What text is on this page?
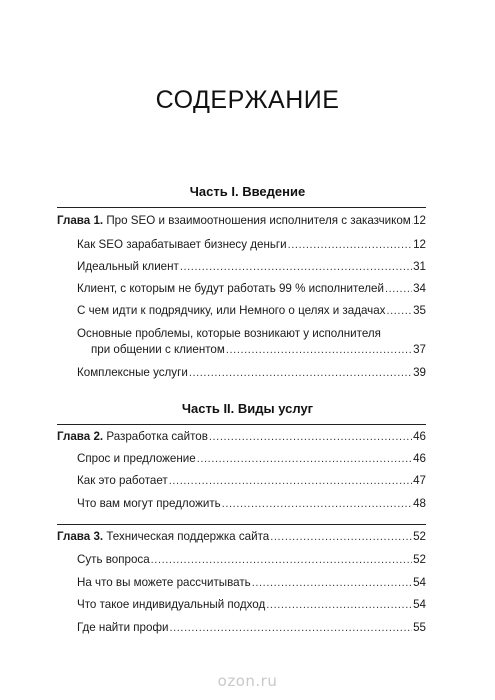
СОДЕРЖАНИЕ
Часть I. Введение
Глава 1. Про SEO и взаимоотношения исполнителя с заказчиком ..... 12
Как SEO зарабатывает бизнесу деньги .....	12
Идеальный клиент .....	31
Клиент, с которым не будут работать 99 % исполнителей .....	34
С чем идти к подрядчику, или Немного о целях и задачах ..... 35
Основные проблемы, которые возникают у исполнителя
при общении с клиентом .....	37
Комплексные услуги .....	39
Часть II. Виды услуг
Глава 2. Разработка сайтов .....	46
Спрос и предложение .....	46
Как это работает .....	47
Что вам могут предложить .....	48
Глава 3. Техническая поддержка сайта .....	52
Суть вопроса .....	52
На что вы можете рассчитывать .....	54
Что такое индивидуальный подход .....	54
Где найти профи .....	55
ozon.ru
